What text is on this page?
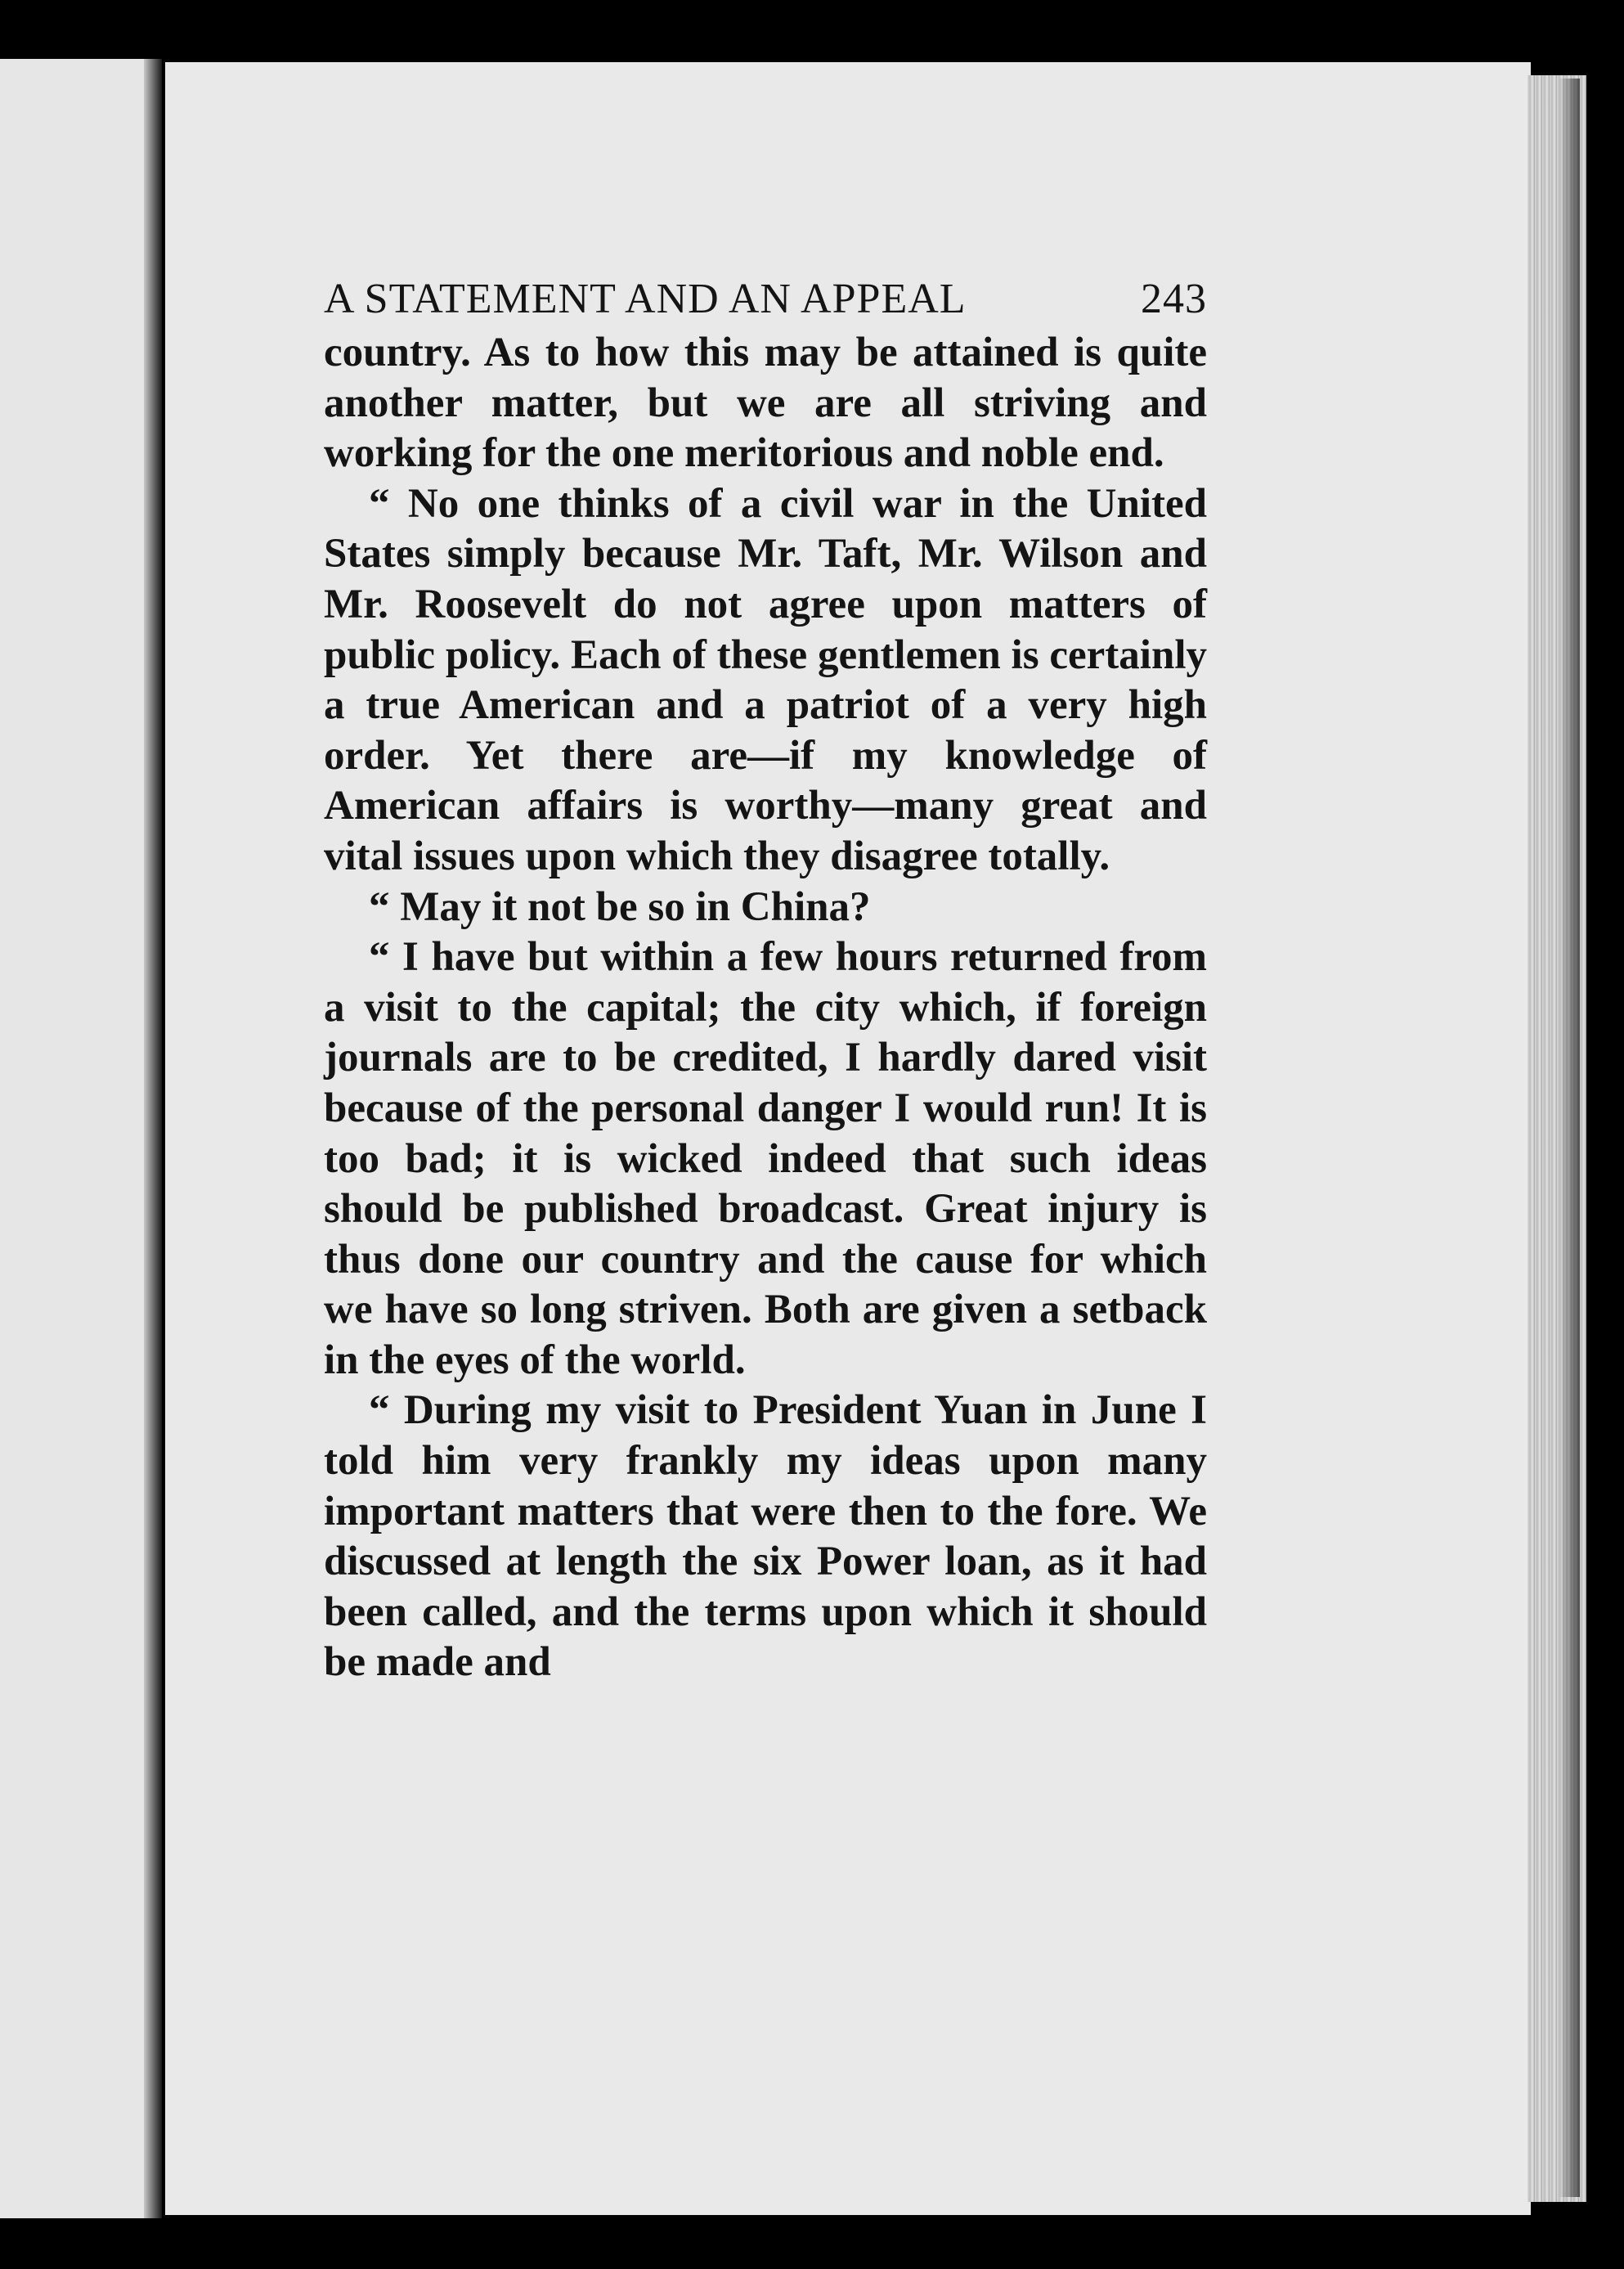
A STATEMENT AND AN APPEAL	243

country. As to how this may be attained is quite another matter, but we are all striving and working for the one meritorious and noble end.

“ No one thinks of a civil war in the United States simply because Mr. Taft, Mr. Wilson and Mr. Roosevelt do not agree upon matters of public policy. Each of these gentlemen is certainly a true American and a patriot of a very high order. Yet there are—if my knowledge of American affairs is worthy—many great and vital issues upon which they disagree totally.

“ May it not be so in China?

“ I have but within a few hours returned from a visit to the capital; the city which, if foreign journals are to be credited, I hardly dared visit because of the personal danger I would run! It is too bad; it is wicked indeed that such ideas should be published broadcast. Great injury is thus done our country and the cause for which we have so long striven. Both are given a setback in the eyes of the world.

“ During my visit to President Yuan in June I told him very frankly my ideas upon many important matters that were then to the fore. We discussed at length the six Power loan, as it had been called, and the terms upon which it should be made and
